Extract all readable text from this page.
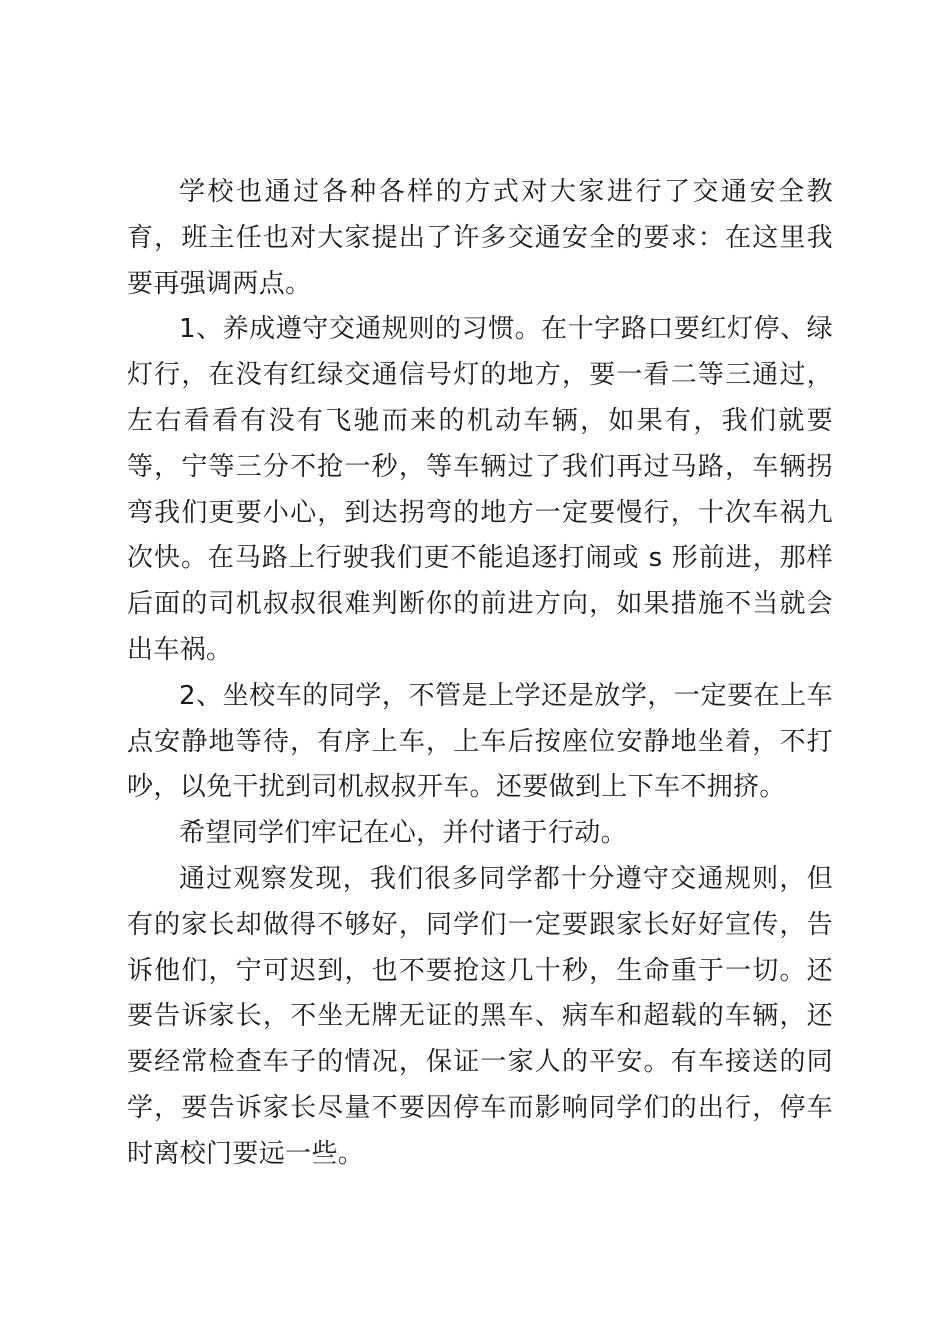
学校也通过各种各样的方式对大家进行了交通安全教育，班主任也对大家提出了许多交通安全的要求：在这里我要再强调两点。

1、养成遵守交通规则的习惯。在十字路口要红灯停、绿灯行，在没有红绿交通信号灯的地方，要一看二等三通过，左右看看有没有飞驰而来的机动车辆，如果有，我们就要等，宁等三分不抢一秒，等车辆过了我们再过马路，车辆拐弯我们更要小心，到达拐弯的地方一定要慢行，十次车祸九次快。在马路上行驶我们更不能追逐打闹或 s 形前进，那样后面的司机叔叔很难判断你的前进方向，如果措施不当就会出车祸。

2、坐校车的同学，不管是上学还是放学，一定要在上车点安静地等待，有序上车，上车后按座位安静地坐着，不打吵，以免干扰到司机叔叔开车。还要做到上下车不拥挤。

希望同学们牢记在心，并付诸于行动。

通过观察发现，我们很多同学都十分遵守交通规则，但有的家长却做得不够好，同学们一定要跟家长好好宣传，告诉他们，宁可迟到，也不要抢这几十秒，生命重于一切。还要告诉家长，不坐无牌无证的黑车、病车和超载的车辆，还要经常检查车子的情况，保证一家人的平安。有车接送的同学，要告诉家长尽量不要因停车而影响同学们的出行，停车时离校门要远一些。
